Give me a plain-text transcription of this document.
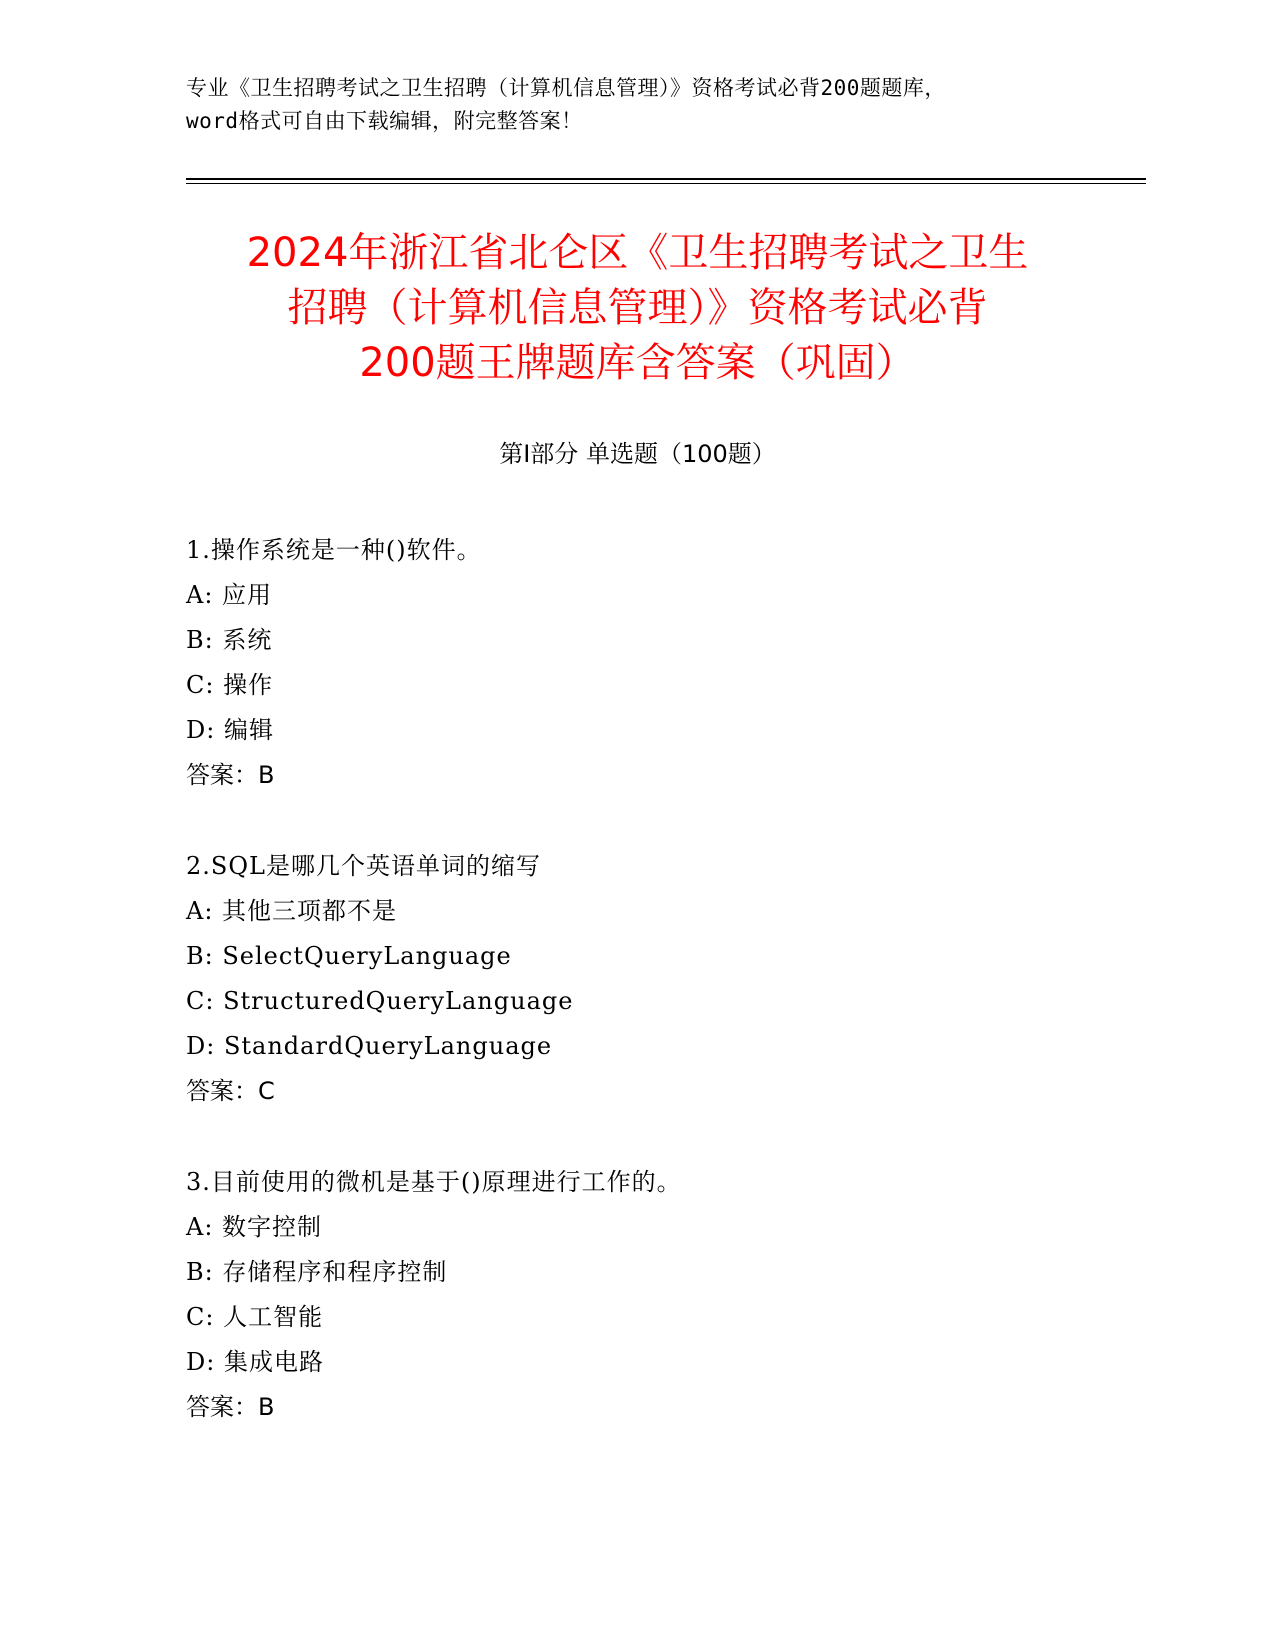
专业《卫生招聘考试之卫生招聘（计算机信息管理）》资格考试必背200题题库，
word格式可自由下载编辑，附完整答案！
2024年浙江省北仑区《卫生招聘考试之卫生
招聘（计算机信息管理）》资格考试必背
200题王牌题库含答案（巩固）
第Ⅰ部分 单选题（100题）
1.操作系统是一种()软件。
A: 应用
B: 系统
C: 操作
D: 编辑
答案：B
2.SQL是哪几个英语单词的缩写
A: 其他三项都不是
B: SelectQueryLanguage
C: StructuredQueryLanguage
D: StandardQueryLanguage
答案：C
3.目前使用的微机是基于()原理进行工作的。
A: 数字控制
B: 存储程序和程序控制
C: 人工智能
D: 集成电路
答案：B
